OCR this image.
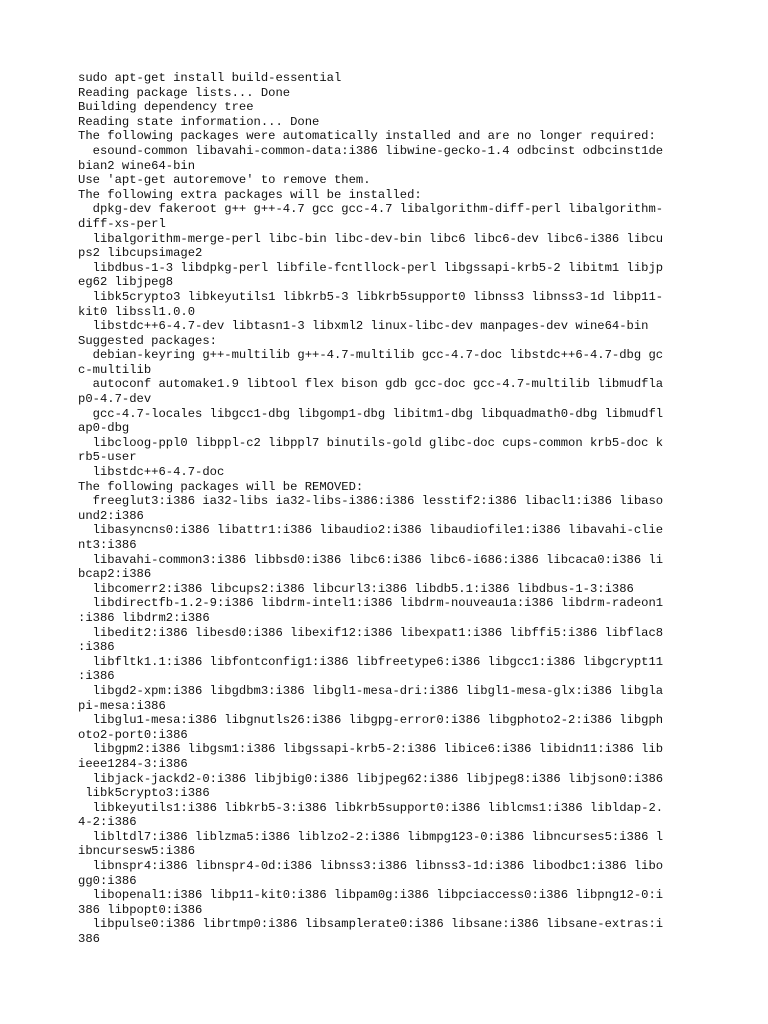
sudo apt-get install build-essential
Reading package lists... Done
Building dependency tree
Reading state information... Done
The following packages were automatically installed and are no longer required:
esound-common libavahi-common-data:i386 libwine-gecko-1.4 odbcinst odbcinst1de
bian2 wine64-bin
Use 'apt-get autoremove' to remove them.
The following extra packages will be installed:
dpkg-dev fakeroot g++ g++-4.7 gcc gcc-4.7 libalgorithm-diff-perl libalgorithm-
diff-xs-perl
libalgorithm-merge-perl libc-bin libc-dev-bin libc6 libc6-dev libc6-i386 libcu
ps2 libcupsimage2
libdbus-1-3 libdpkg-perl libfile-fcntllock-perl libgssapi-krb5-2 libitm1 libjp
eg62 libjpeg8
libk5crypto3 libkeyutils1 libkrb5-3 libkrb5support0 libnss3 libnss3-1d libp11-
kit0 libssl1.0.0
libstdc++6-4.7-dev libtasn1-3 libxml2 linux-libc-dev manpages-dev wine64-bin
Suggested packages:
debian-keyring g++-multilib g++-4.7-multilib gcc-4.7-doc libstdc++6-4.7-dbg gc
c-multilib
autoconf automake1.9 libtool flex bison gdb gcc-doc gcc-4.7-multilib libmudfla
p0-4.7-dev
gcc-4.7-locales libgcc1-dbg libgomp1-dbg libitm1-dbg libquadmath0-dbg libmudfl
ap0-dbg
libcloog-ppl0 libppl-c2 libppl7 binutils-gold glibc-doc cups-common krb5-doc k
rb5-user
libstdc++6-4.7-doc
The following packages will be REMOVED:
freeglut3:i386 ia32-libs ia32-libs-i386:i386 lesstif2:i386 libacl1:i386 libaso
und2:i386
libasyncns0:i386 libattr1:i386 libaudio2:i386 libaudiofile1:i386 libavahi-clie
nt3:i386
libavahi-common3:i386 libbsd0:i386 libc6:i386 libc6-i686:i386 libcaca0:i386 li
bcap2:i386
libcomerr2:i386 libcups2:i386 libcurl3:i386 libdb5.1:i386 libdbus-1-3:i386
libdirectfb-1.2-9:i386 libdrm-intel1:i386 libdrm-nouveau1a:i386 libdrm-radeon1
:i386 libdrm2:i386
libedit2:i386 libesd0:i386 libexif12:i386 libexpat1:i386 libffi5:i386 libflac8
:i386
libfltk1.1:i386 libfontconfig1:i386 libfreetype6:i386 libgcc1:i386 libgcrypt11
:i386
libgd2-xpm:i386 libgdbm3:i386 libgl1-mesa-dri:i386 libgl1-mesa-glx:i386 libgla
pi-mesa:i386
libglu1-mesa:i386 libgnutls26:i386 libgpg-error0:i386 libgphoto2-2:i386 libgph
oto2-port0:i386
libgpm2:i386 libgsm1:i386 libgssapi-krb5-2:i386 libice6:i386 libidn11:i386 lib
ieee1284-3:i386
libjack-jackd2-0:i386 libjbig0:i386 libjpeg62:i386 libjpeg8:i386 libjson0:i386
libk5crypto3:i386
libkeyutils1:i386 libkrb5-3:i386 libkrb5support0:i386 liblcms1:i386 libldap-2.
4-2:i386
libltdl7:i386 liblzma5:i386 liblzo2-2:i386 libmpg123-0:i386 libncurses5:i386 l
ibncursesw5:i386
libnspr4:i386 libnspr4-0d:i386 libnss3:i386 libnss3-1d:i386 libodbc1:i386 libo
gg0:i386
libopenal1:i386 libp11-kit0:i386 libpam0g:i386 libpciaccess0:i386 libpng12-0:i
386 libpopt0:i386
libpulse0:i386 librtmp0:i386 libsamplerate0:i386 libsane:i386 libsane-extras:i
386
